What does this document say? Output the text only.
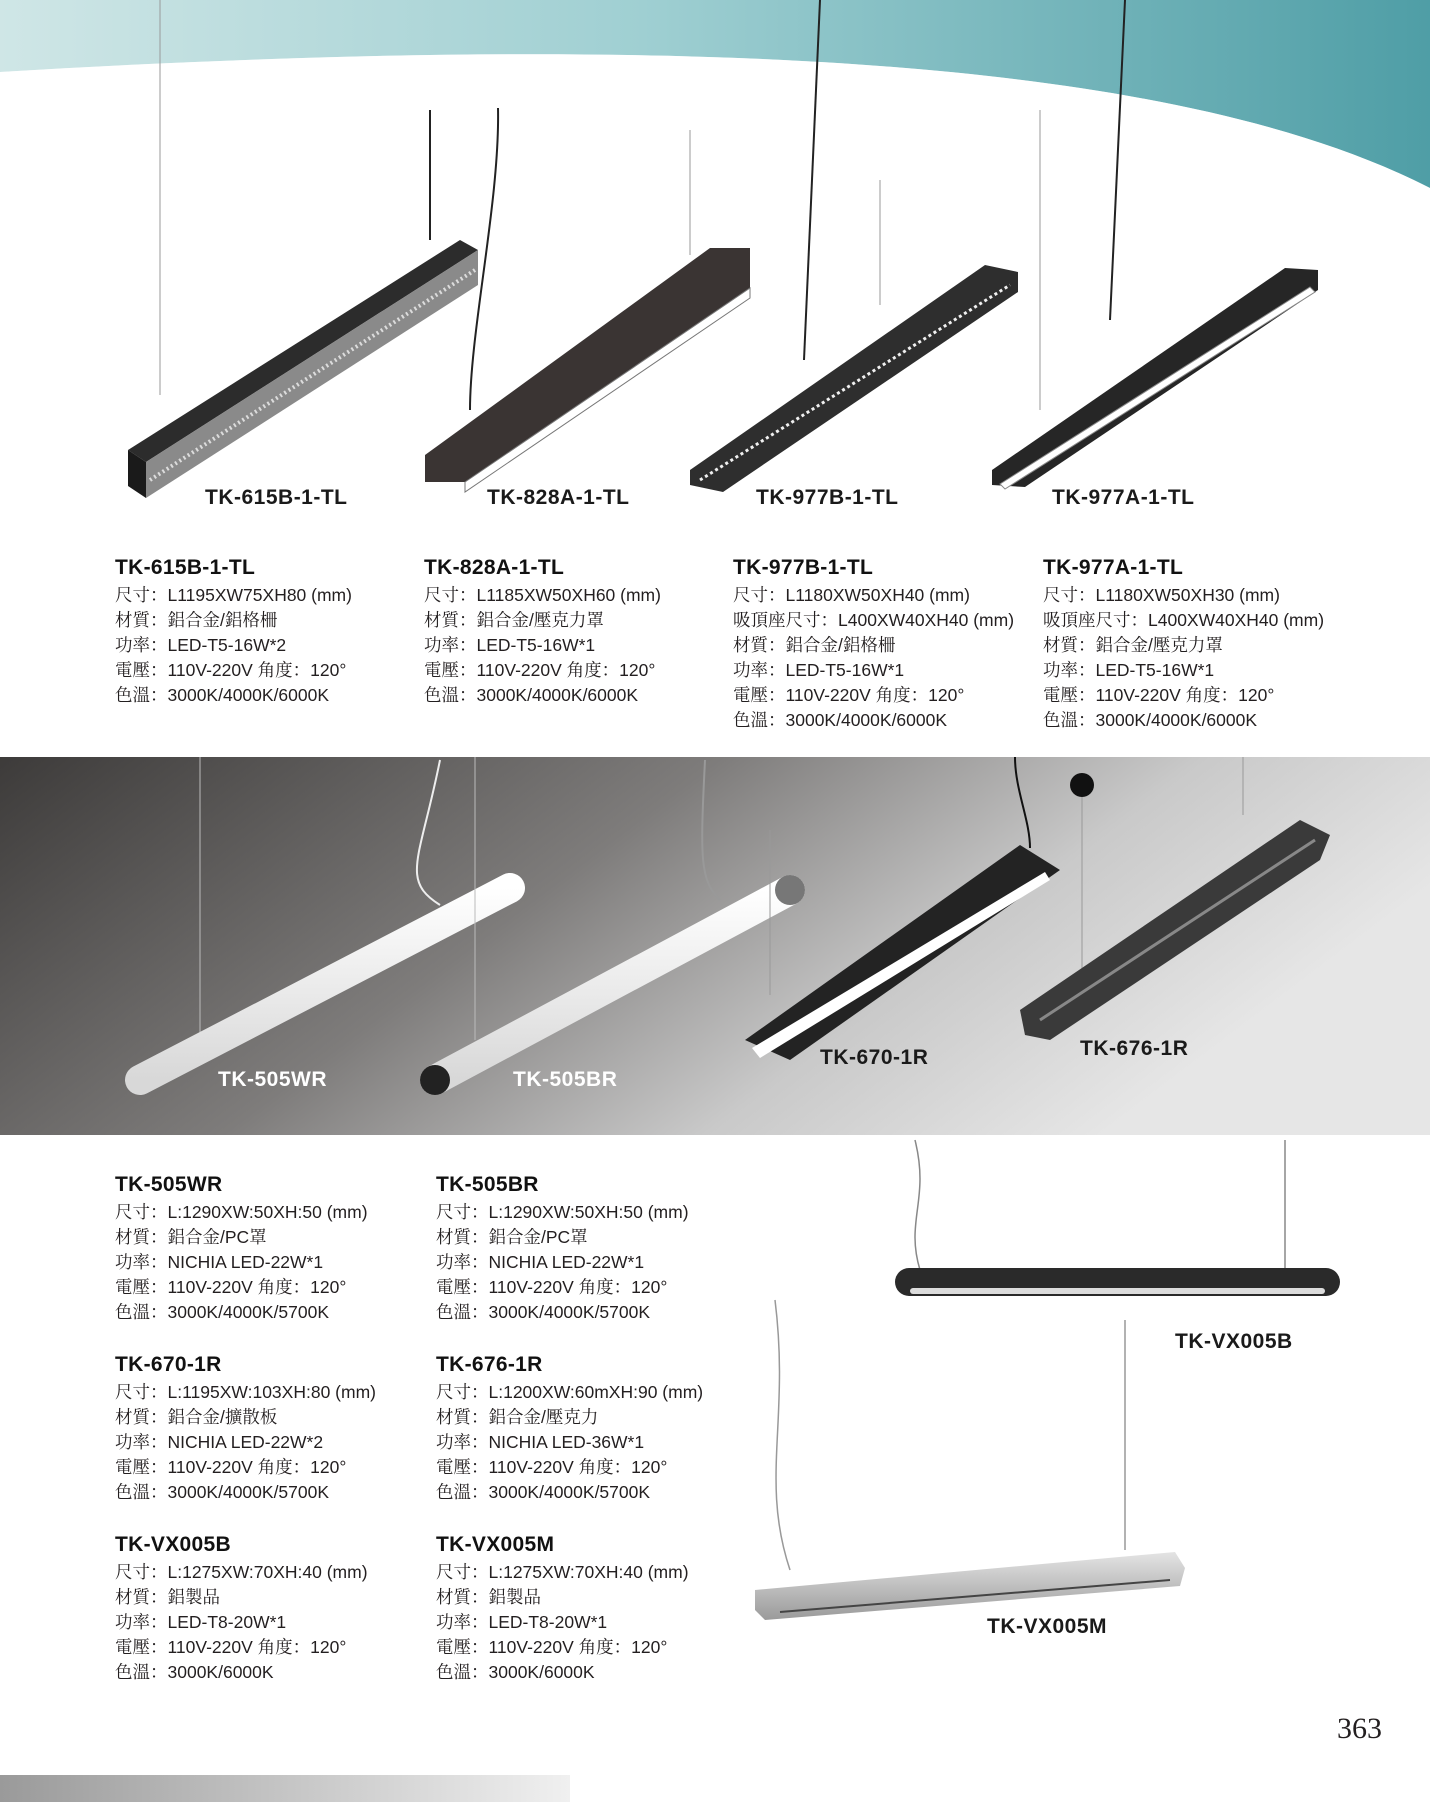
TK-615B-1-TL	TK-828A-1-TL	TK-977B-1-TL	TK-977A-1-TL
TK-505WR	TK-505BR
TK-670-1R	TK-676-1R
TK-VX005B
TK-VX005M
TK-615B-1-TL
尺寸：L1195XW75XH80 (mm)
材質：鋁合金/鋁格柵
功率：LED-T5-16W*2
電壓：110V-220V 角度：120°
色溫：3000K/4000K/6000K
TK-828A-1-TL
尺寸：L1185XW50XH60 (mm)
材質：鋁合金/壓克力罩
功率：LED-T5-16W*1
電壓：110V-220V 角度：120°
色溫：3000K/4000K/6000K
TK-977B-1-TL
尺寸：L1180XW50XH40 (mm)
吸頂座尺寸：L400XW40XH40 (mm)
材質：鋁合金/鋁格柵
功率：LED-T5-16W*1
電壓：110V-220V 角度：120°
色溫：3000K/4000K/6000K
TK-977A-1-TL
尺寸：L1180XW50XH30 (mm)
吸頂座尺寸：L400XW40XH40 (mm)
材質：鋁合金/壓克力罩
功率：LED-T5-16W*1
電壓：110V-220V 角度：120°
色溫：3000K/4000K/6000K
TK-505WR
尺寸：L:1290XW:50XH:50 (mm)
材質：鋁合金/PC罩
功率：NICHIA LED-22W*1
電壓：110V-220V 角度：120°
色溫：3000K/4000K/5700K
TK-505BR
尺寸：L:1290XW:50XH:50 (mm)
材質：鋁合金/PC罩
功率：NICHIA LED-22W*1
電壓：110V-220V 角度：120°
色溫：3000K/4000K/5700K
TK-670-1R
尺寸：L:1195XW:103XH:80 (mm)
材質：鋁合金/擴散板
功率：NICHIA LED-22W*2
電壓：110V-220V 角度：120°
色溫：3000K/4000K/5700K
TK-676-1R
尺寸：L:1200XW:60mXH:90 (mm)
材質：鋁合金/壓克力
功率：NICHIA LED-36W*1
電壓：110V-220V 角度：120°
色溫：3000K/4000K/5700K
TK-VX005B
尺寸：L:1275XW:70XH:40 (mm)
材質：鋁製品
功率：LED-T8-20W*1
電壓：110V-220V 角度：120°
色溫：3000K/6000K
TK-VX005M
尺寸：L:1275XW:70XH:40 (mm)
材質：鋁製品
功率：LED-T8-20W*1
電壓：110V-220V 角度：120°
色溫：3000K/6000K
363
